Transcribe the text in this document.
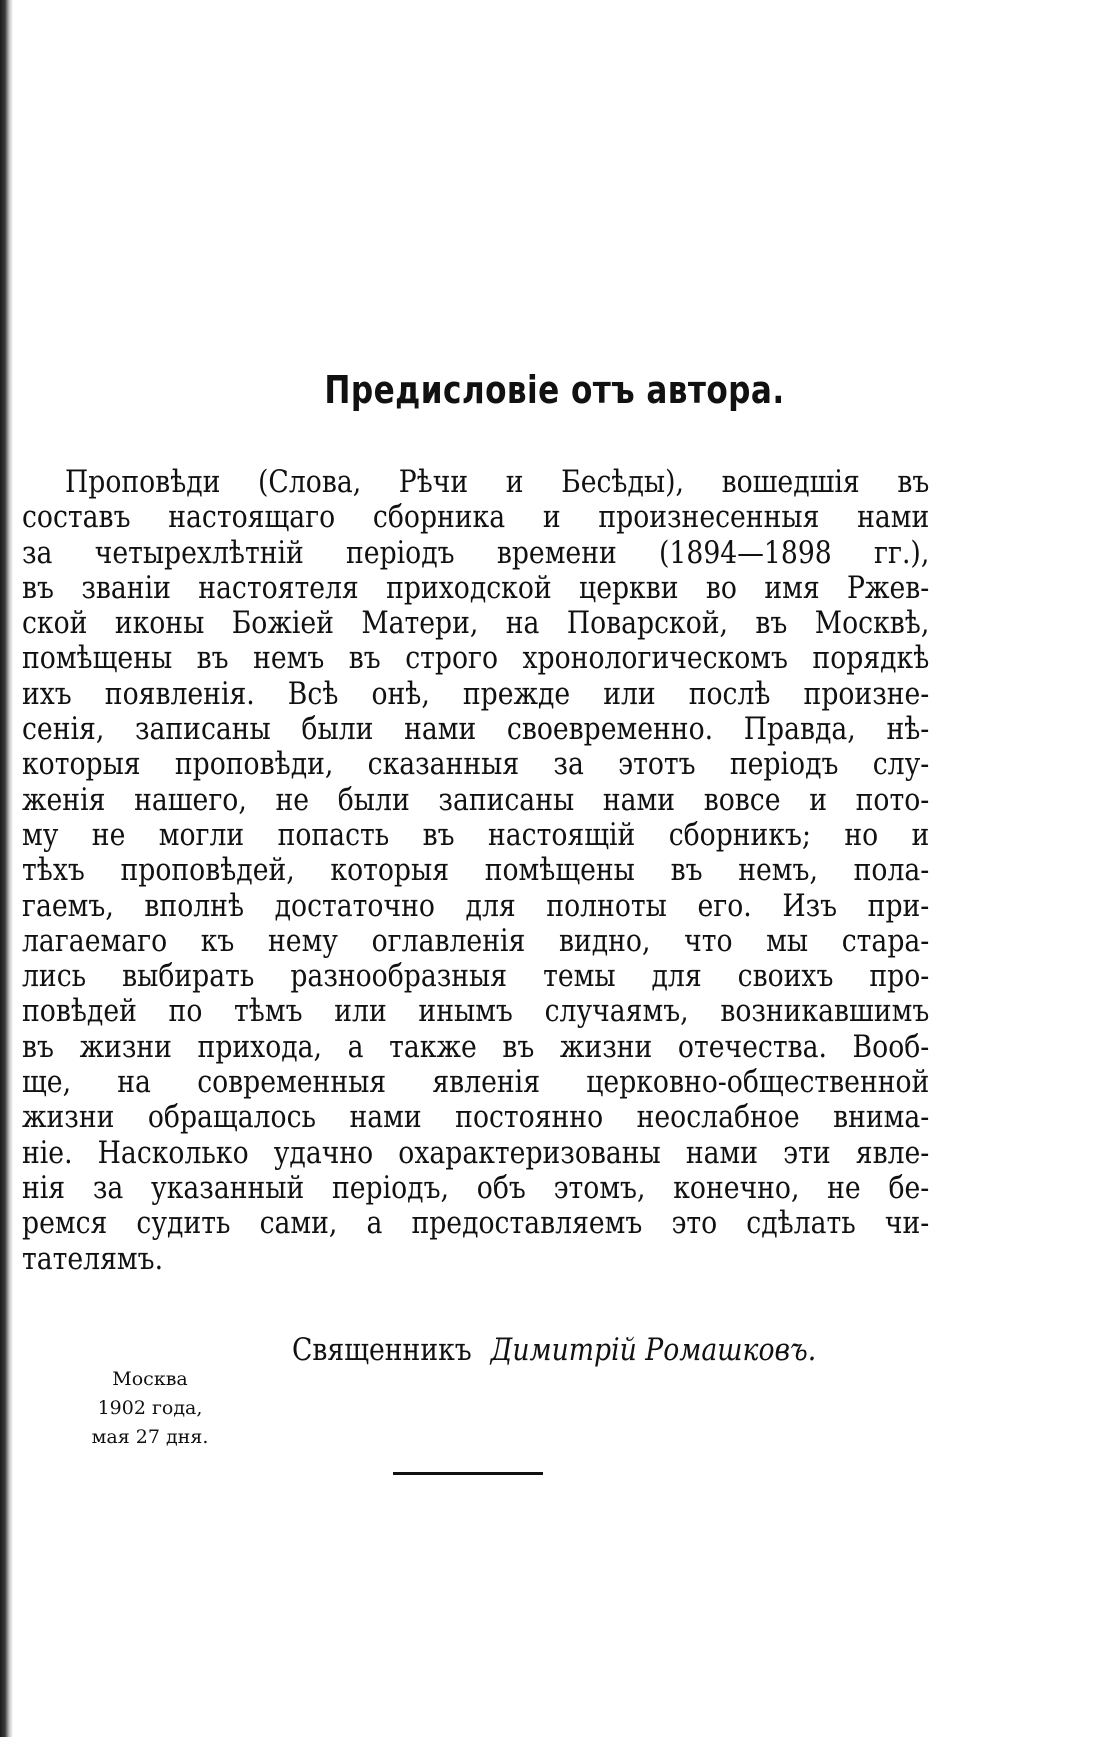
Предисловіе отъ автора.
Проповѣди (Слова, Рѣчи и Бесѣды), вошедшія въ
составъ настоящаго сборника и произнесенныя нами
за четырехлѣтній періодъ времени (1894—1898 гг.),
въ званіи настоятеля приходской церкви во имя Ржев-
ской иконы Божіей Матери, на Поварской, въ Москвѣ,
помѣщены въ немъ въ строго хронологическомъ порядкѣ
ихъ появленія. Всѣ онѣ, прежде или послѣ произне-
сенія, записаны были нами своевременно. Правда, нѣ-
которыя проповѣди, сказанныя за этотъ періодъ слу-
женія нашего, не были записаны нами вовсе и пото-
му не могли попасть въ настоящій сборникъ; но и
тѣхъ проповѣдей, которыя помѣщены въ немъ, пола-
гаемъ, вполнѣ достаточно для полноты его. Изъ при-
лагаемаго къ нему оглавленія видно, что мы стара-
лись выбирать разнообразныя темы для своихъ про-
повѣдей по тѣмъ или инымъ случаямъ, возникавшимъ
въ жизни прихода, а также въ жизни отечества. Вооб-
ще, на современныя явленія церковно-общественной
жизни обращалось нами постоянно неослабное внима-
ніе. Насколько удачно охарактеризованы нами эти явле-
нія за указанный періодъ, объ этомъ, конечно, не бе-
ремся судить сами, а предоставляемъ это сдѣлать чи-
тателямъ.
Священникъ Димитрій Ромашковъ.
Москва
1902 года,
мая 27 дня.
